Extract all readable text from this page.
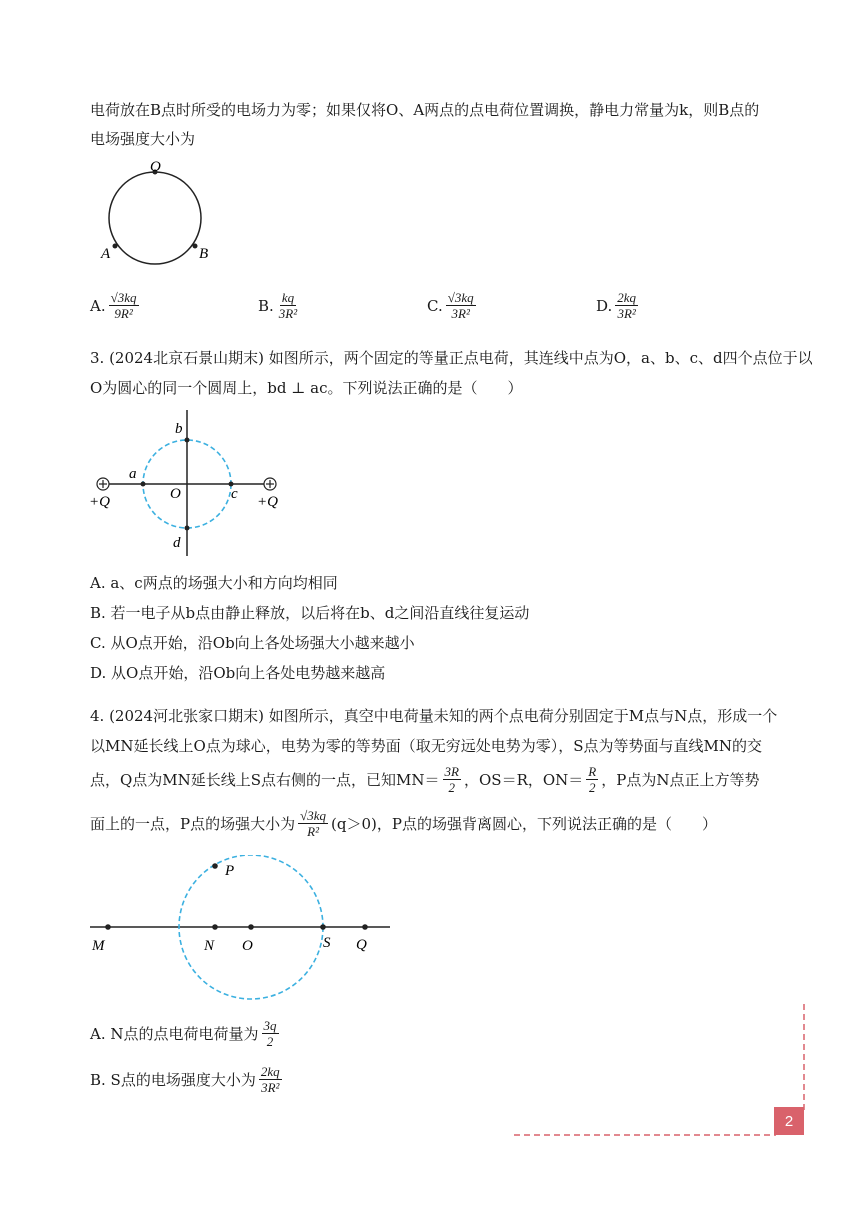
电荷放在B点时所受的电场力为零；如果仅将O、A两点的点电荷位置调换，静电力常量为k，则B点的
电场强度大小为
O
A	B
A. $\frac{√3kq}{\text{9R²}}$	B. $\frac{kq}{\text{3R²}}$	C. $\frac{√3kq}{\text{3R²}}$	D. $\frac{2kq}{\text{3R²}}$
3. (2024北京石景山期末) 如图所示，两个固定的等量正点电荷，其连线中点为O，a、b、c、d四个点位于以
O为圆心的同一个圆周上，bd ⊥ ac。下列说法正确的是（　　）
a
b
c
d
O
+Q	+Q
A. a、c两点的场强大小和方向均相同
B. 若一电子从b点由静止释放，以后将在b、d之间沿直线往复运动
C. 从O点开始，沿Ob向上各处场强大小越来越小
D. 从O点开始，沿Ob向上各处电势越来越高
4. (2024河北张家口期末) 如图所示，真空中电荷量未知的两个点电荷分别固定于M点与N点，形成一个
以MN延长线上O点为球心，电势为零的等势面（取无穷远处电势为零），S点为等势面与直线MN的交
点，Q点为MN延长线上S点右侧的一点，已知$MN= \frac{3R}{2}$ ，OS＝R，$ON= \frac{R}{2}$ ，P点为N点正上方等势
面上的一点，P点的场强大小为 $\frac{√3kq}{\text{R²}} (q>0)$，P点的场强背离圆心，下列说法正确的是（　　）
P
M	N O	S Q
A. N点的点电荷电荷量为 $\frac{3q}{2}$
B. S点的电场强度大小为 $\frac{2kq}{\text{3R²}}$
2
